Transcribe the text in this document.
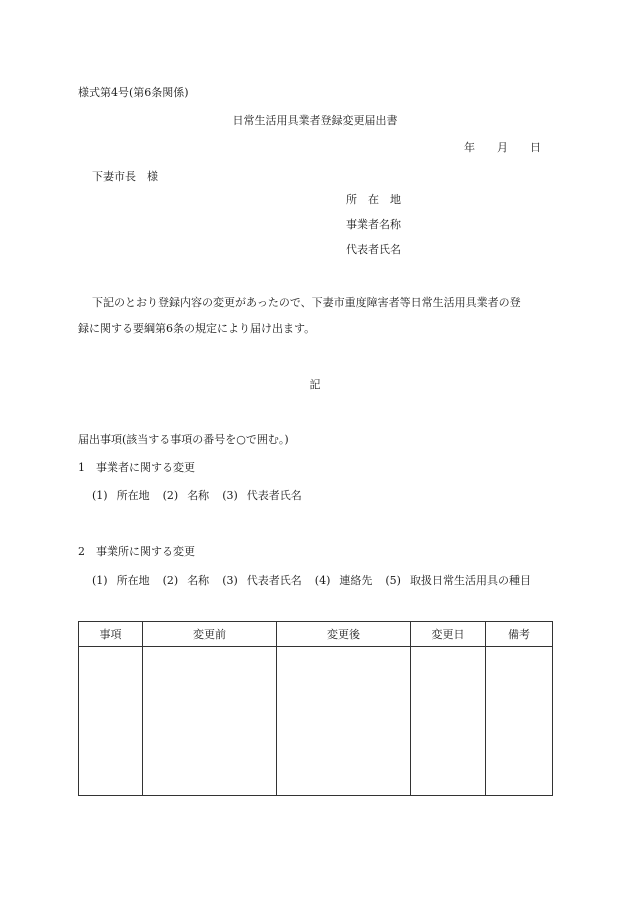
様式第4号(第6条関係)
日常生活用具業者登録変更届出書
年 月 日
下妻市長　様
所　在　地
事業者名称
代表者氏名
下記のとおり登録内容の変更があったので、下妻市重度障害者等日常生活用具業者の登
録に関する要綱第6条の規定により届け出ます。
記
届出事項(該当する事項の番号を○で囲む。)
1　事業者に関する変更
(1) 所在地 (2) 名称 (3) 代表者氏名
2　事業所に関する変更
(1) 所在地 (2) 名称 (3) 代表者氏名 (4) 連絡先 (5) 取扱日常生活用具の種目
事項	変更前	変更後	変更日	備考
